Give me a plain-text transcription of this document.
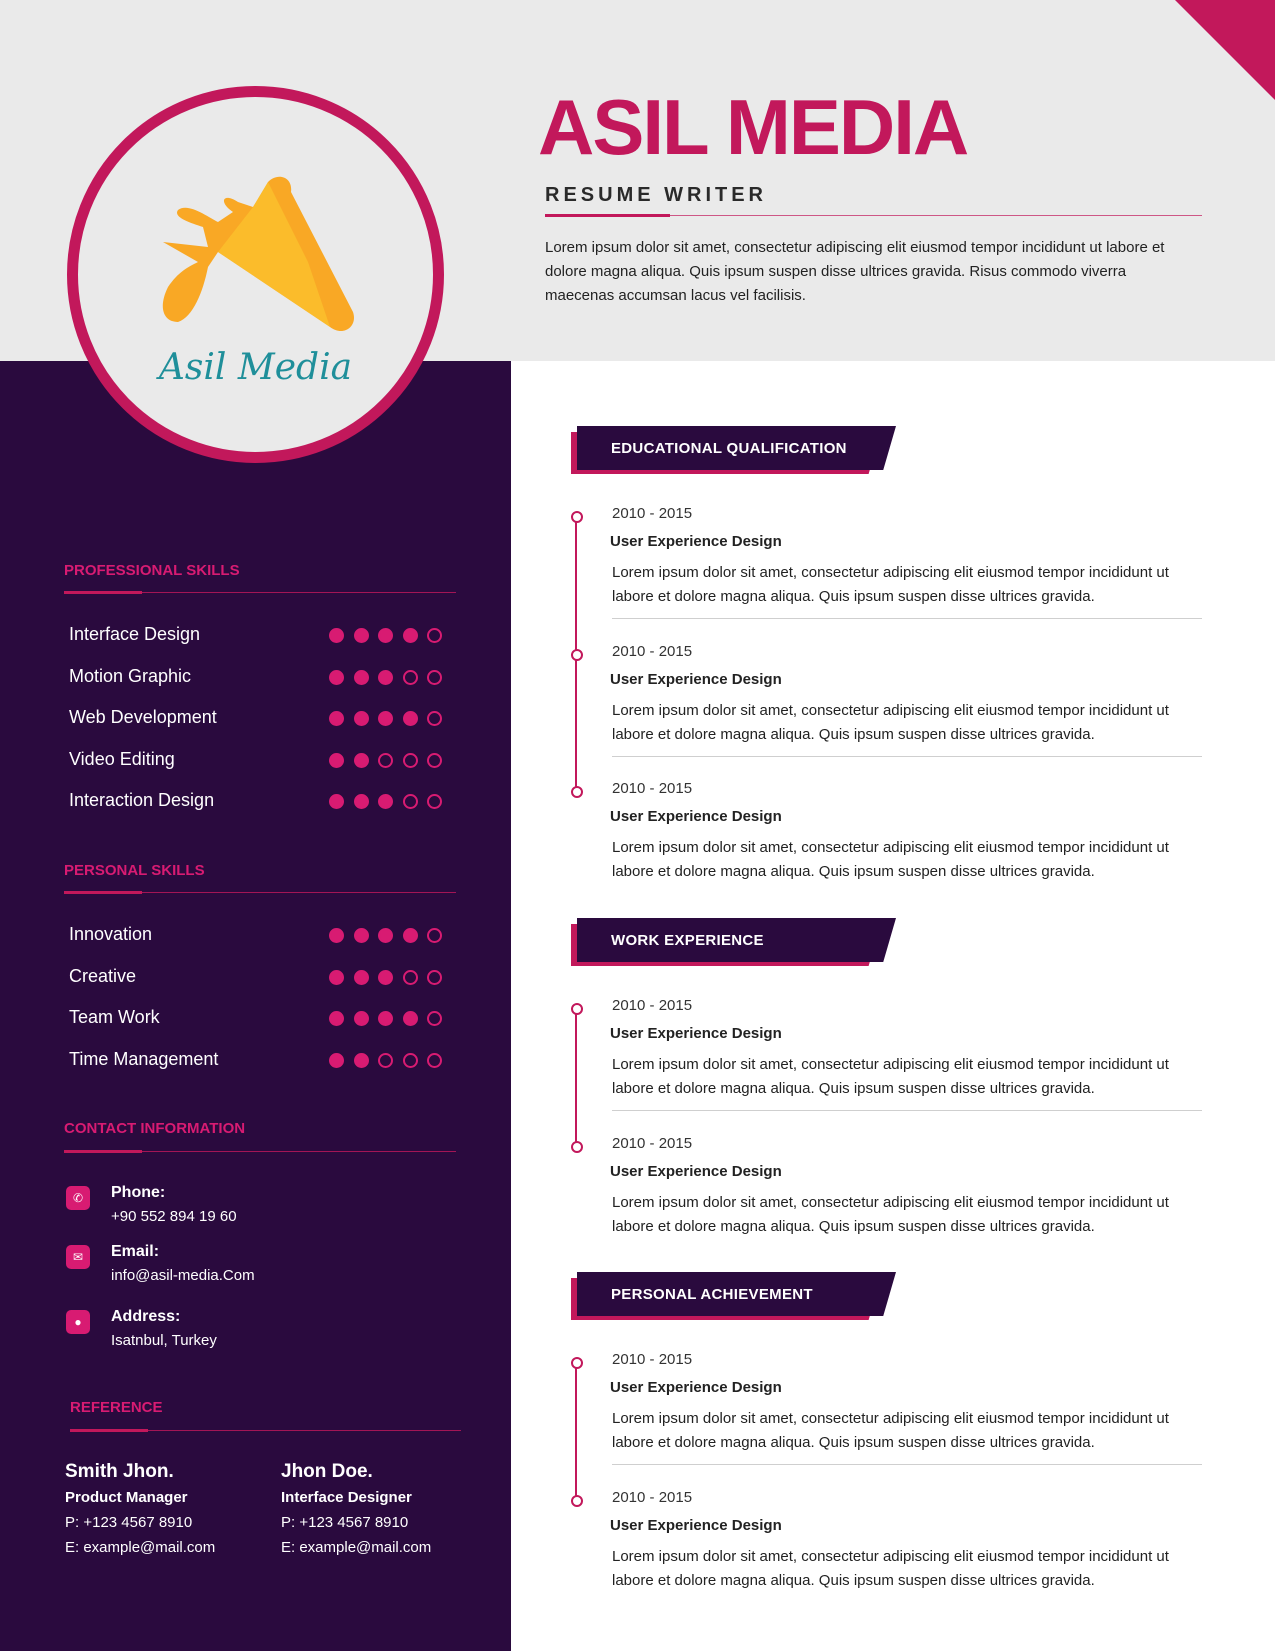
Asil Media
ASIL MEDIA
RESUME WRITER
Lorem ipsum dolor sit amet, consectetur adipiscing elit eiusmod tempor incididunt ut labore et dolore magna aliqua. Quis ipsum suspen disse ultrices gravida. Risus commodo viverra maecenas accumsan lacus vel facilisis.
PROFESSIONAL SKILLS
Interface Design
Motion Graphic
Web Development
Video Editing
Interaction Design
PERSONAL SKILLS
Innovation
Creative
Team Work
Time Management
CONTACT INFORMATION
✆	Phone:
+90 552 894 19 60
✉	Email:
info@asil-media.Com
●	Address:
Isatnbul, Turkey
REFERENCE
Smith Jhon.
Product Manager
P: +123 4567 8910
E: example@mail.com
Jhon Doe.
Interface Designer
P: +123 4567 8910
E: example@mail.com
EDUCATIONAL QUALIFICATION
2010 - 2015
User Experience Design
Lorem ipsum dolor sit amet, consectetur adipiscing elit eiusmod tempor incididunt ut labore et dolore magna aliqua. Quis ipsum suspen disse ultrices gravida.
2010 - 2015
User Experience Design
Lorem ipsum dolor sit amet, consectetur adipiscing elit eiusmod tempor incididunt ut labore et dolore magna aliqua. Quis ipsum suspen disse ultrices gravida.
2010 - 2015
User Experience Design
Lorem ipsum dolor sit amet, consectetur adipiscing elit eiusmod tempor incididunt ut labore et dolore magna aliqua. Quis ipsum suspen disse ultrices gravida.
WORK EXPERIENCE
2010 - 2015
User Experience Design
Lorem ipsum dolor sit amet, consectetur adipiscing elit eiusmod tempor incididunt ut labore et dolore magna aliqua. Quis ipsum suspen disse ultrices gravida.
2010 - 2015
User Experience Design
Lorem ipsum dolor sit amet, consectetur adipiscing elit eiusmod tempor incididunt ut labore et dolore magna aliqua. Quis ipsum suspen disse ultrices gravida.
PERSONAL ACHIEVEMENT
2010 - 2015
User Experience Design
Lorem ipsum dolor sit amet, consectetur adipiscing elit eiusmod tempor incididunt ut labore et dolore magna aliqua. Quis ipsum suspen disse ultrices gravida.
2010 - 2015
User Experience Design
Lorem ipsum dolor sit amet, consectetur adipiscing elit eiusmod tempor incididunt ut labore et dolore magna aliqua. Quis ipsum suspen disse ultrices gravida.
